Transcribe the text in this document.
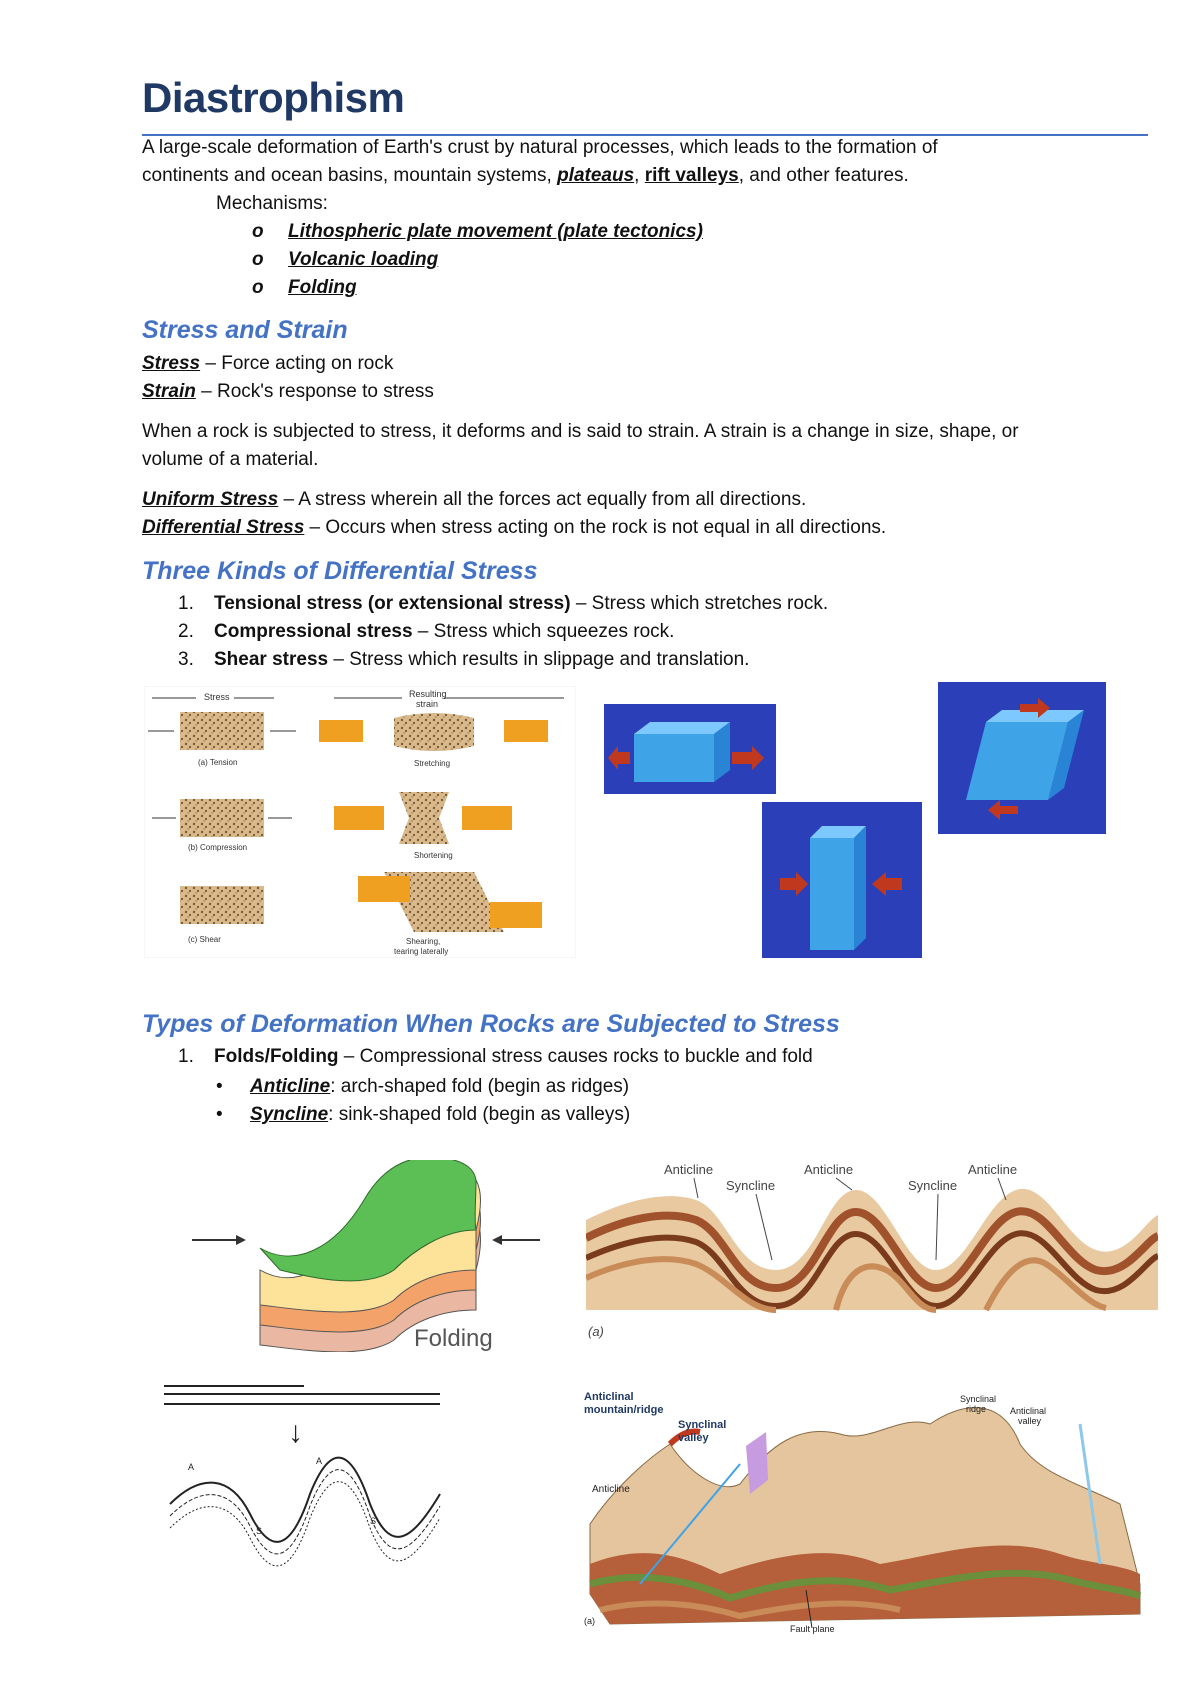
Diastrophism
A large-scale deformation of Earth's crust by natural processes, which leads to the formation of
continents and ocean basins, mountain systems, plateaus, rift valleys, and other features.
Mechanisms:
o Lithospheric plate movement (plate tectonics)
o Volcanic loading
o Folding
Stress and Strain
Stress – Force acting on rock
Strain – Rock's response to stress
When a rock is subjected to stress, it deforms and is said to strain. A strain is a change in size, shape, or
volume of a material.
Uniform Stress – A stress wherein all the forces act equally from all directions.
Differential Stress – Occurs when stress acting on the rock is not equal in all directions.
Three Kinds of Differential Stress
1. Tensional stress (or extensional stress) – Stress which stretches rock.
2. Compressional stress – Stress which squeezes rock.
3. Shear stress – Stress which results in slippage and translation.
Stress	Resulting
strain
(a) Tension	Stretching
(b) Compression
Shortening
(c) Shear	Shearing,
tearing laterally
Types of Deformation When Rocks are Subjected to Stress
1. Folds/Folding – Compressional stress causes rocks to buckle and fold
• Anticline: arch-shaped fold (begin as ridges)
• Syncline: sink-shaped fold (begin as valleys)
Folding
Anticline
Syncline
Anticline
Syncline
Anticline
(a)
↓
A
A
S
S
Anticlinal
mountain/ridge
Synclinal
valley
Anticline
Synclinal
ridge	Anticlinal
valley
(a)
Fault plane
